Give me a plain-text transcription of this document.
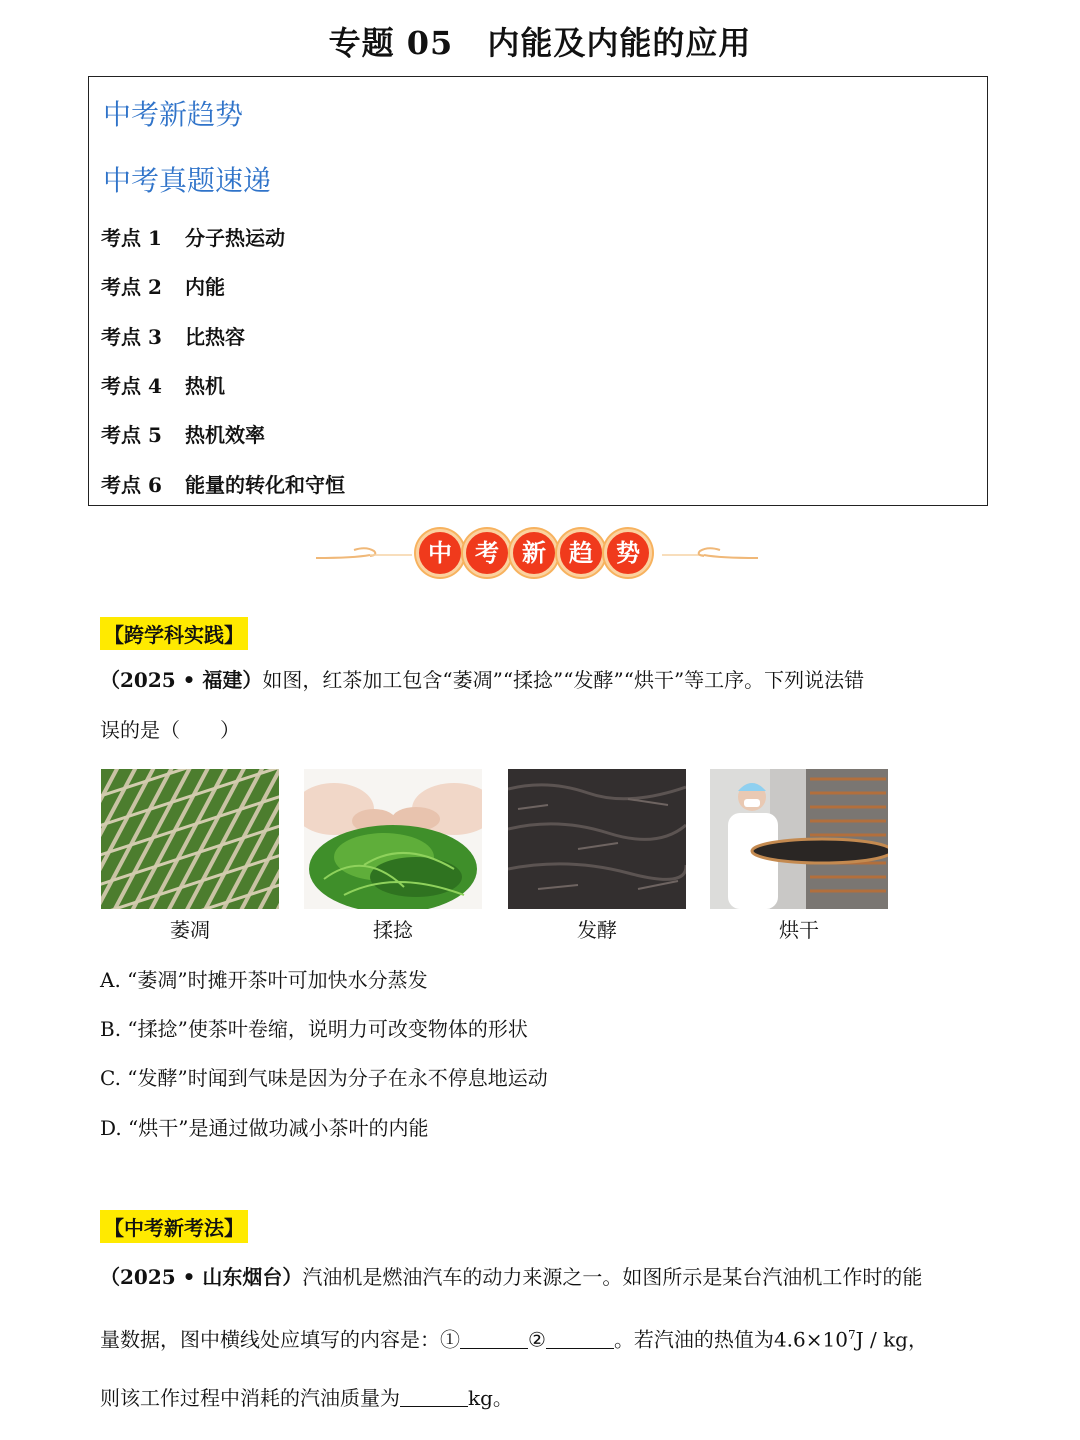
专题 05 内能及内能的应用
中考新趋势
中考真题速递
考点 1 分子热运动
考点 2 内能
考点 3 比热容
考点 4 热机
考点 5 热机效率
考点 6 能量的转化和守恒
中 考 新 趋 势
【跨学科实践】
（2025 • 福建）如图，红茶加工包含“萎凋”“揉捻”“发酵”“烘干”等工序。下列说法错
误的是（　　）
萎凋	揉捻	发酵	烘干
A. “萎凋”时摊开茶叶可加快水分蒸发
B. “揉捻”使茶叶卷缩，说明力可改变物体的形状
C. “发酵”时闻到气味是因为分子在永不停息地运动
D. “烘干”是通过做功减小茶叶的内能
【中考新考法】
（2025 • 山东烟台）汽油机是燃油汽车的动力来源之一。如图所示是某台汽油机工作时的能
量数据，图中横线处应填写的内容是：①	②	。若汽油的热值为$4.6\times 10^7J$ / kg，
则该工作过程中消耗的汽油质量为	kg。
